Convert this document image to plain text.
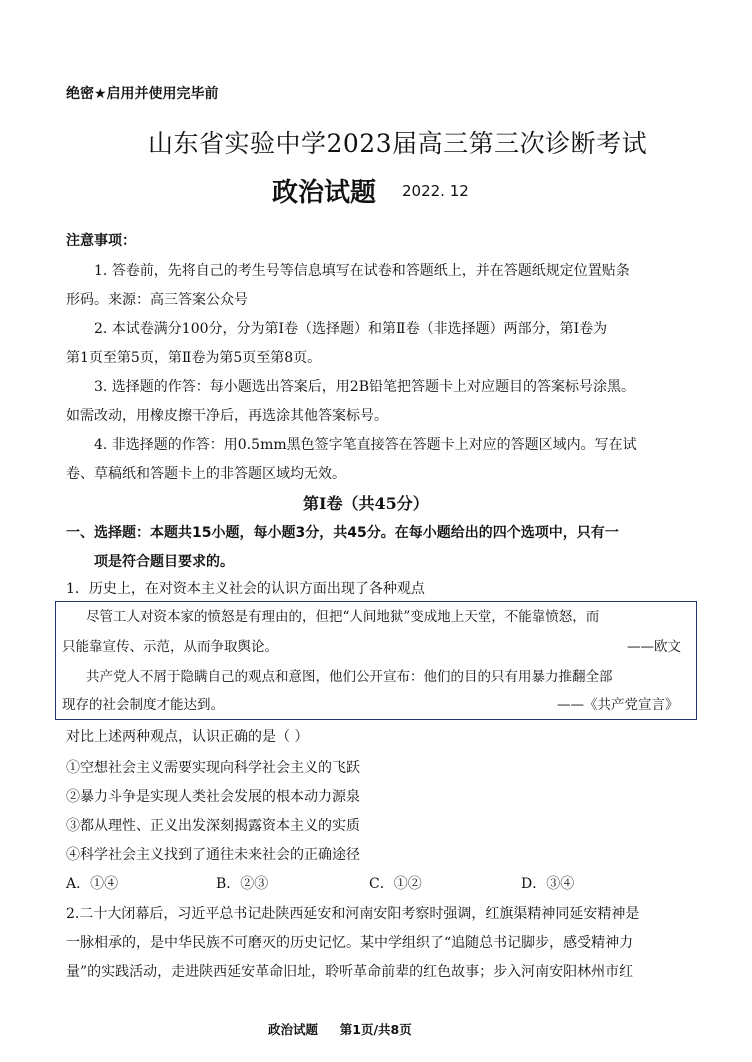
绝密★启用并使用完毕前
山东省实验中学2023届高三第三次诊断考试
政治试题 2022. 12
注意事项：
1. 答卷前，先将自己的考生号等信息填写在试卷和答题纸上，并在答题纸规定位置贴条
形码。来源：高三答案公众号
2. 本试卷满分100分，分为第Ⅰ卷（选择题）和第Ⅱ卷（非选择题）两部分，第Ⅰ卷为
第1页至第5页，第Ⅱ卷为第5页至第8页。
3. 选择题的作答：每小题选出答案后，用2B铅笔把答题卡上对应题目的答案标号涂黑。
如需改动，用橡皮擦干净后，再选涂其他答案标号。
4. 非选择题的作答：用0.5mm黑色签字笔直接答在答题卡上对应的答题区域内。写在试
卷、草稿纸和答题卡上的非答题区域均无效。
第Ⅰ卷（共45分）
一、选择题：本题共15小题，每小题3分，共45分。在每小题给出的四个选项中，只有一
项是符合题目要求的。
1．历史上，在对资本主义社会的认识方面出现了各种观点
尽管工人对资本家的愤怒是有理由的，但把“人间地狱”变成地上天堂，不能靠愤怒，而
只能靠宣传、示范，从而争取舆论。	——欧文
共产党人不屑于隐瞒自己的观点和意图，他们公开宣布：他们的目的只有用暴力推翻全部
现存的社会制度才能达到。	——《共产党宣言》
对比上述两种观点，认识正确的是（ ）
①空想社会主义需要实现向科学社会主义的飞跃
②暴力斗争是实现人类社会发展的根本动力源泉
③都从理性、正义出发深刻揭露资本主义的实质
④科学社会主义找到了通往未来社会的正确途径
A．①④	B．②③	C．①②	D．③④
2.二十大闭幕后，习近平总书记赴陕西延安和河南安阳考察时强调，红旗渠精神同延安精神是
一脉相承的，是中华民族不可磨灭的历史记忆。某中学组织了“追随总书记脚步，感受精神力
量”的实践活动，走进陕西延安革命旧址，聆听革命前辈的红色故事；步入河南安阳林州市红
政治试题     第1页/共8页
